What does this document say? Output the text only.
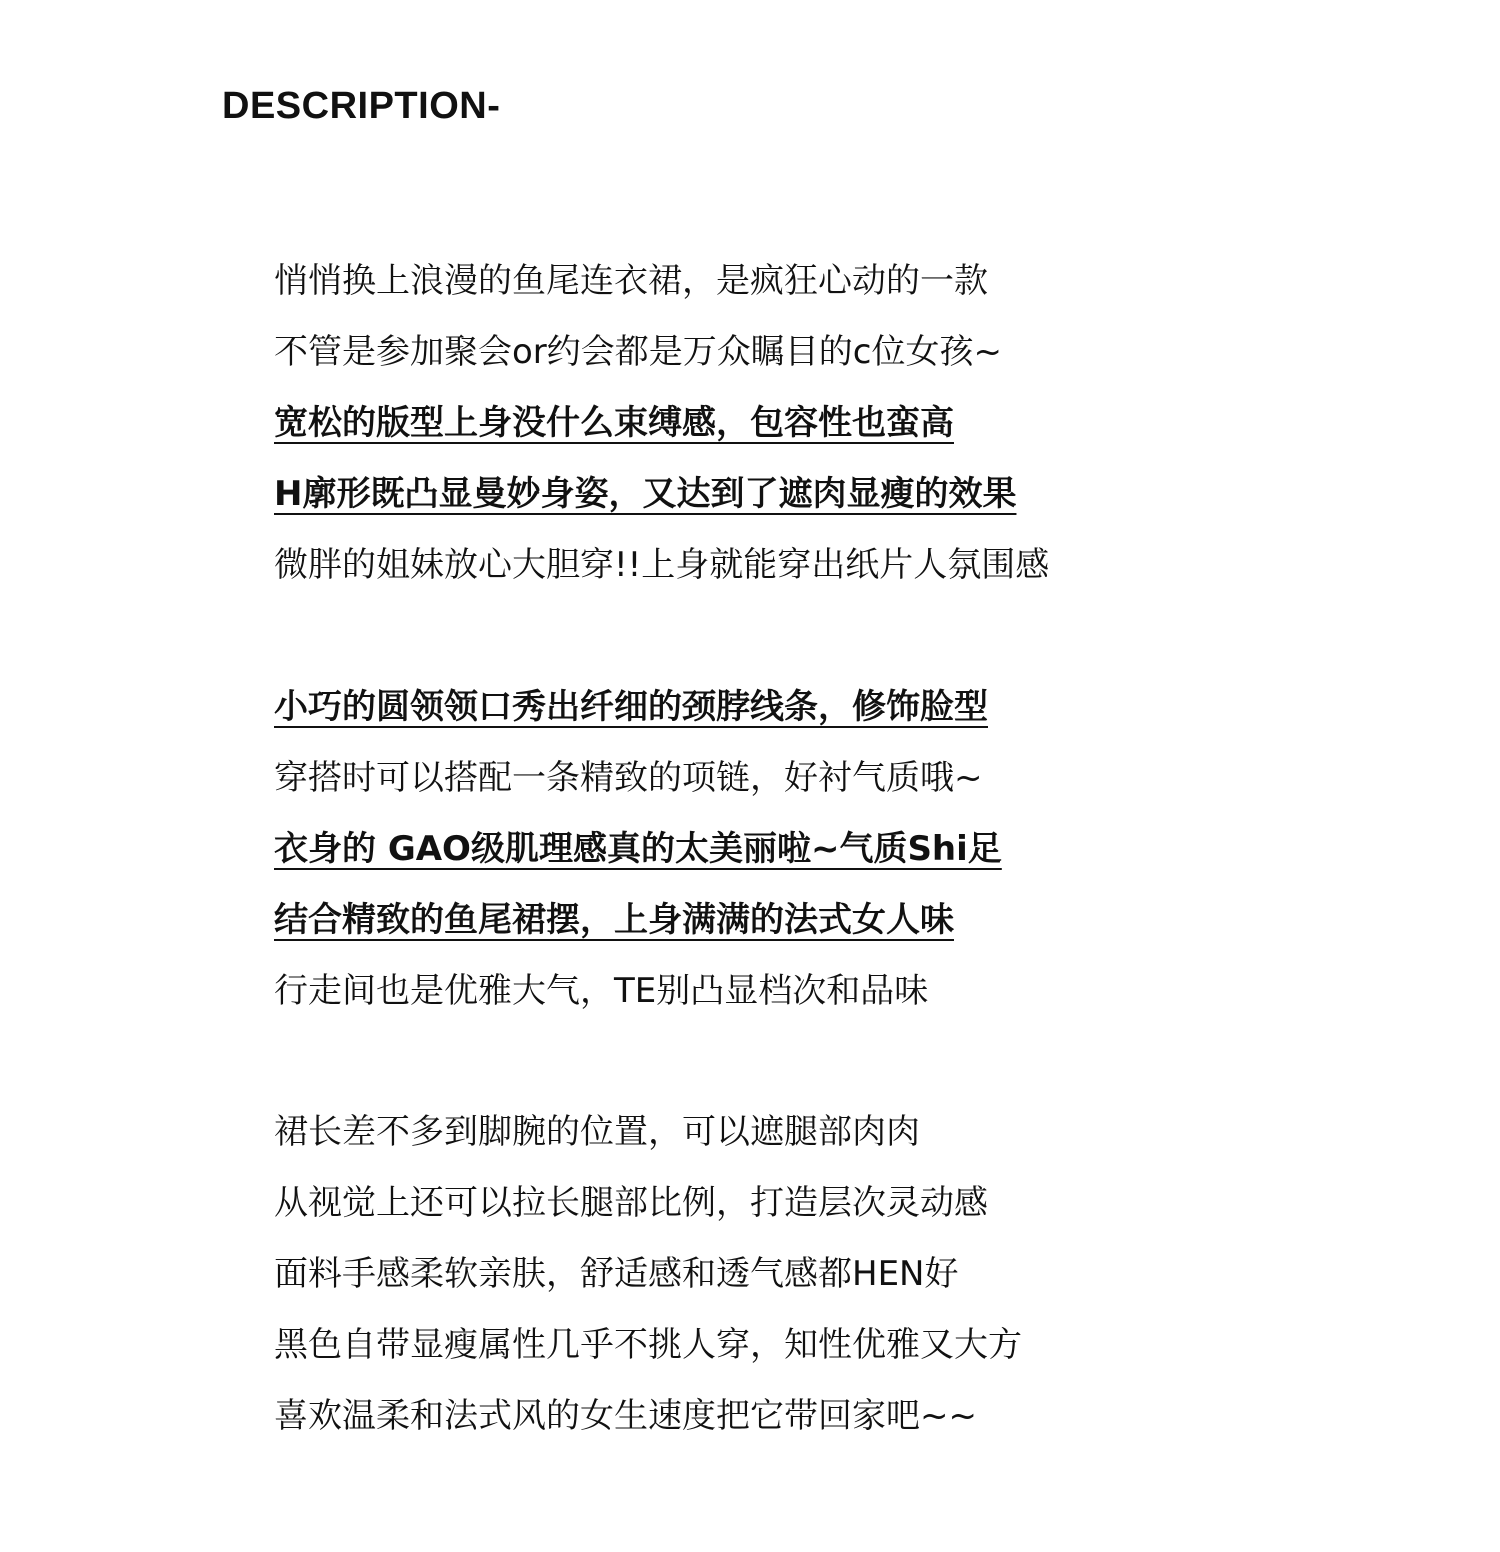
DESCRIPTION-
悄悄换上浪漫的鱼尾连衣裙，是疯狂心动的一款
不管是参加聚会or约会都是万众瞩目的c位女孩~
宽松的版型上身没什么束缚感，包容性也蛮高
H廓形既凸显曼妙身姿，又达到了遮肉显瘦的效果
微胖的姐妹放心大胆穿!!上身就能穿出纸片人氛围感
小巧的圆领领口秀出纤细的颈脖线条，修饰脸型
穿搭时可以搭配一条精致的项链，好衬气质哦~
衣身的 GAO级肌理感真的太美丽啦~气质Shi足
结合精致的鱼尾裙摆，上身满满的法式女人味
行走间也是优雅大气，TE别凸显档次和品味
裙长差不多到脚腕的位置，可以遮腿部肉肉
从视觉上还可以拉长腿部比例，打造层次灵动感
面料手感柔软亲肤，舒适感和透气感都HEN好
黑色自带显瘦属性几乎不挑人穿，知性优雅又大方
喜欢温柔和法式风的女生速度把它带回家吧~~
